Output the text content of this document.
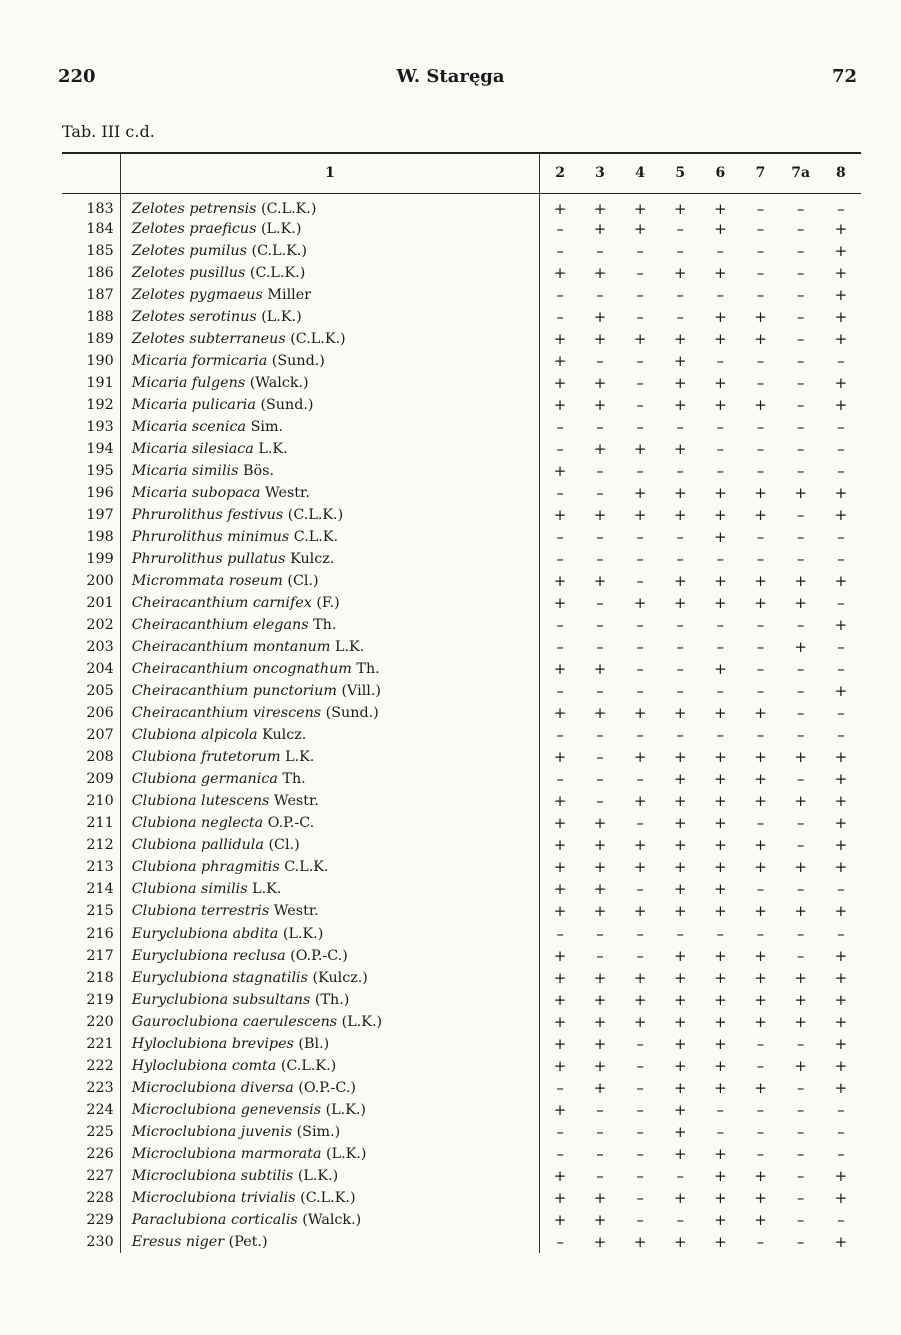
220	W. Staręga	72
Tab. III c.d.
	1	2	3	4	5	6	7	7a	8
183	Zelotes petrensis (C.L.K.)	+	+	+	+	+	–	–	–
184	Zelotes praeficus (L.K.)	–	+	+	–	+	–	–	+
185	Zelotes pumilus (C.L.K.)	–	–	–	–	–	–	–	+
186	Zelotes pusillus (C.L.K.)	+	+	–	+	+	–	–	+
187	Zelotes pygmaeus Miller	–	–	–	–	–	–	–	+
188	Zelotes serotinus (L.K.)	–	+	–	–	+	+	–	+
189	Zelotes subterraneus (C.L.K.)	+	+	+	+	+	+	–	+
190	Micaria formicaria (Sund.)	+	–	–	+	–	–	–	–
191	Micaria fulgens (Walck.)	+	+	–	+	+	–	–	+
192	Micaria pulicaria (Sund.)	+	+	–	+	+	+	–	+
193	Micaria scenica Sim.	–	–	–	–	–	–	–	–
194	Micaria silesiaca L.K.	–	+	+	+	–	–	–	–
195	Micaria similis Bös.	+	–	–	–	–	–	–	–
196	Micaria subopaca Westr.	–	–	+	+	+	+	+	+
197	Phrurolithus festivus (C.L.K.)	+	+	+	+	+	+	–	+
198	Phrurolithus minimus C.L.K.	–	–	–	–	+	–	–	–
199	Phrurolithus pullatus Kulcz.	–	–	–	–	–	–	–	–
200	Micrommata roseum (Cl.)	+	+	–	+	+	+	+	+
201	Cheiracanthium carnifex (F.)	+	–	+	+	+	+	+	–
202	Cheiracanthium elegans Th.	–	–	–	–	–	–	–	+
203	Cheiracanthium montanum L.K.	–	–	–	–	–	–	+	–
204	Cheiracanthium oncognathum Th.	+	+	–	–	+	–	–	–
205	Cheiracanthium punctorium (Vill.)	–	–	–	–	–	–	–	+
206	Cheiracanthium virescens (Sund.)	+	+	+	+	+	+	–	–
207	Clubiona alpicola Kulcz.	–	–	–	–	–	–	–	–
208	Clubiona frutetorum L.K.	+	–	+	+	+	+	+	+
209	Clubiona germanica Th.	–	–	–	+	+	+	–	+
210	Clubiona lutescens Westr.	+	–	+	+	+	+	+	+
211	Clubiona neglecta O.P.-C.	+	+	–	+	+	–	–	+
212	Clubiona pallidula (Cl.)	+	+	+	+	+	+	–	+
213	Clubiona phragmitis C.L.K.	+	+	+	+	+	+	+	+
214	Clubiona similis L.K.	+	+	–	+	+	–	–	–
215	Clubiona terrestris Westr.	+	+	+	+	+	+	+	+
216	Euryclubiona abdita (L.K.)	–	–	–	–	–	–	–	–
217	Euryclubiona reclusa (O.P.-C.)	+	–	–	+	+	+	–	+
218	Euryclubiona stagnatilis (Kulcz.)	+	+	+	+	+	+	+	+
219	Euryclubiona subsultans (Th.)	+	+	+	+	+	+	+	+
220	Gauroclubiona caerulescens (L.K.)	+	+	+	+	+	+	+	+
221	Hyloclubiona brevipes (Bl.)	+	+	–	+	+	–	–	+
222	Hyloclubiona comta (C.L.K.)	+	+	–	+	+	–	+	+
223	Microclubiona diversa (O.P.-C.)	–	+	–	+	+	+	–	+
224	Microclubiona genevensis (L.K.)	+	–	–	+	–	–	–	–
225	Microclubiona juvenis (Sim.)	–	–	–	+	–	–	–	–
226	Microclubiona marmorata (L.K.)	–	–	–	+	+	–	–	–
227	Microclubiona subtilis (L.K.)	+	–	–	–	+	+	–	+
228	Microclubiona trivialis (C.L.K.)	+	+	–	+	+	+	–	+
229	Paraclubiona corticalis (Walck.)	+	+	–	–	+	+	–	–
230	Eresus niger (Pet.)	–	+	+	+	+	–	–	+
